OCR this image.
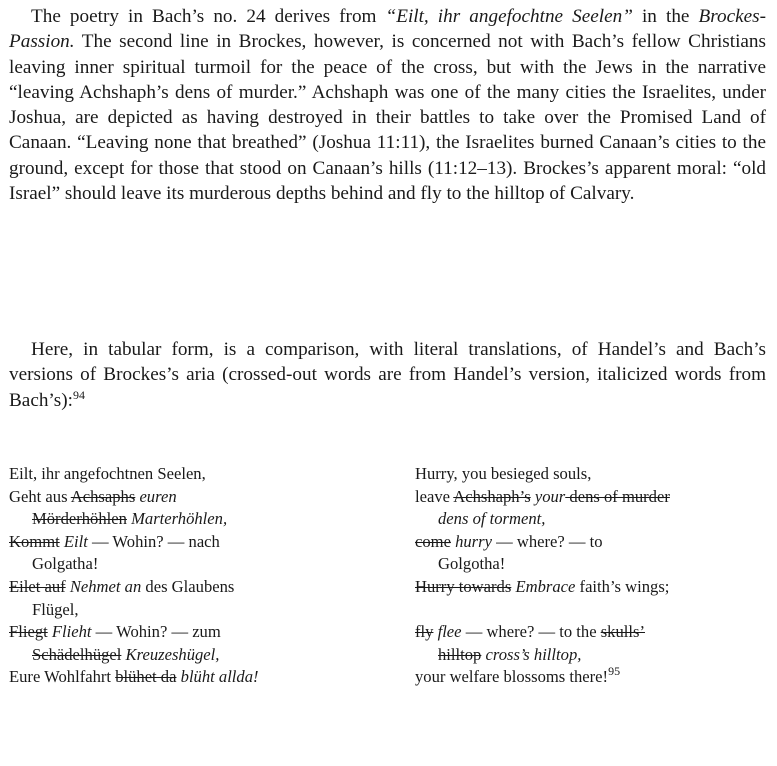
The poetry in Bach’s no. 24 derives from “Eilt, ihr angefochtne Seelen” in the Brockes-Passion. The second line in Brockes, however, is concerned not with Bach’s fellow Christians leaving inner spiritual turmoil for the peace of the cross, but with the Jews in the narrative “leaving Achshaph’s dens of murder.” Achshaph was one of the many cities the Israelites, under Joshua, are depicted as having destroyed in their battles to take over the Promised Land of Canaan. “Leaving none that breathed” (Joshua 11:11), the Israelites burned Canaan’s cities to the ground, except for those that stood on Canaan’s hills (11:12–13). Brockes’s apparent moral: “old Israel” should leave its murderous depths behind and fly to the hilltop of Calvary.

Here, in tabular form, is a comparison, with literal translations, of Handel’s and Bach’s versions of Brockes’s aria (crossed-out words are from Handel’s version, italicized words from Bach’s):$^{94}$

Eilt, ihr angefochtnen Seelen,
Geht aus Achsaphs euren
Mörderhöhlen Marterhöhlen,
Kommt Eilt — Wohin? — nach
Golgatha!
Eilet auf Nehmet an des Glaubens
Flügel,
Fliegt Flieht — Wohin? — zum
Schädelhügel Kreuzeshügel,
Eure Wohlfahrt blühet da blüht allda!
Hurry, you besieged souls,
leave Achshaph’s your dens of murder
dens of torment,
come hurry — where? — to
Golgotha!
Hurry towards Embrace faith’s wings;

fly flee — where? — to the skulls’
hilltop cross’s hilltop,
your welfare blossoms there!$^{95}$
